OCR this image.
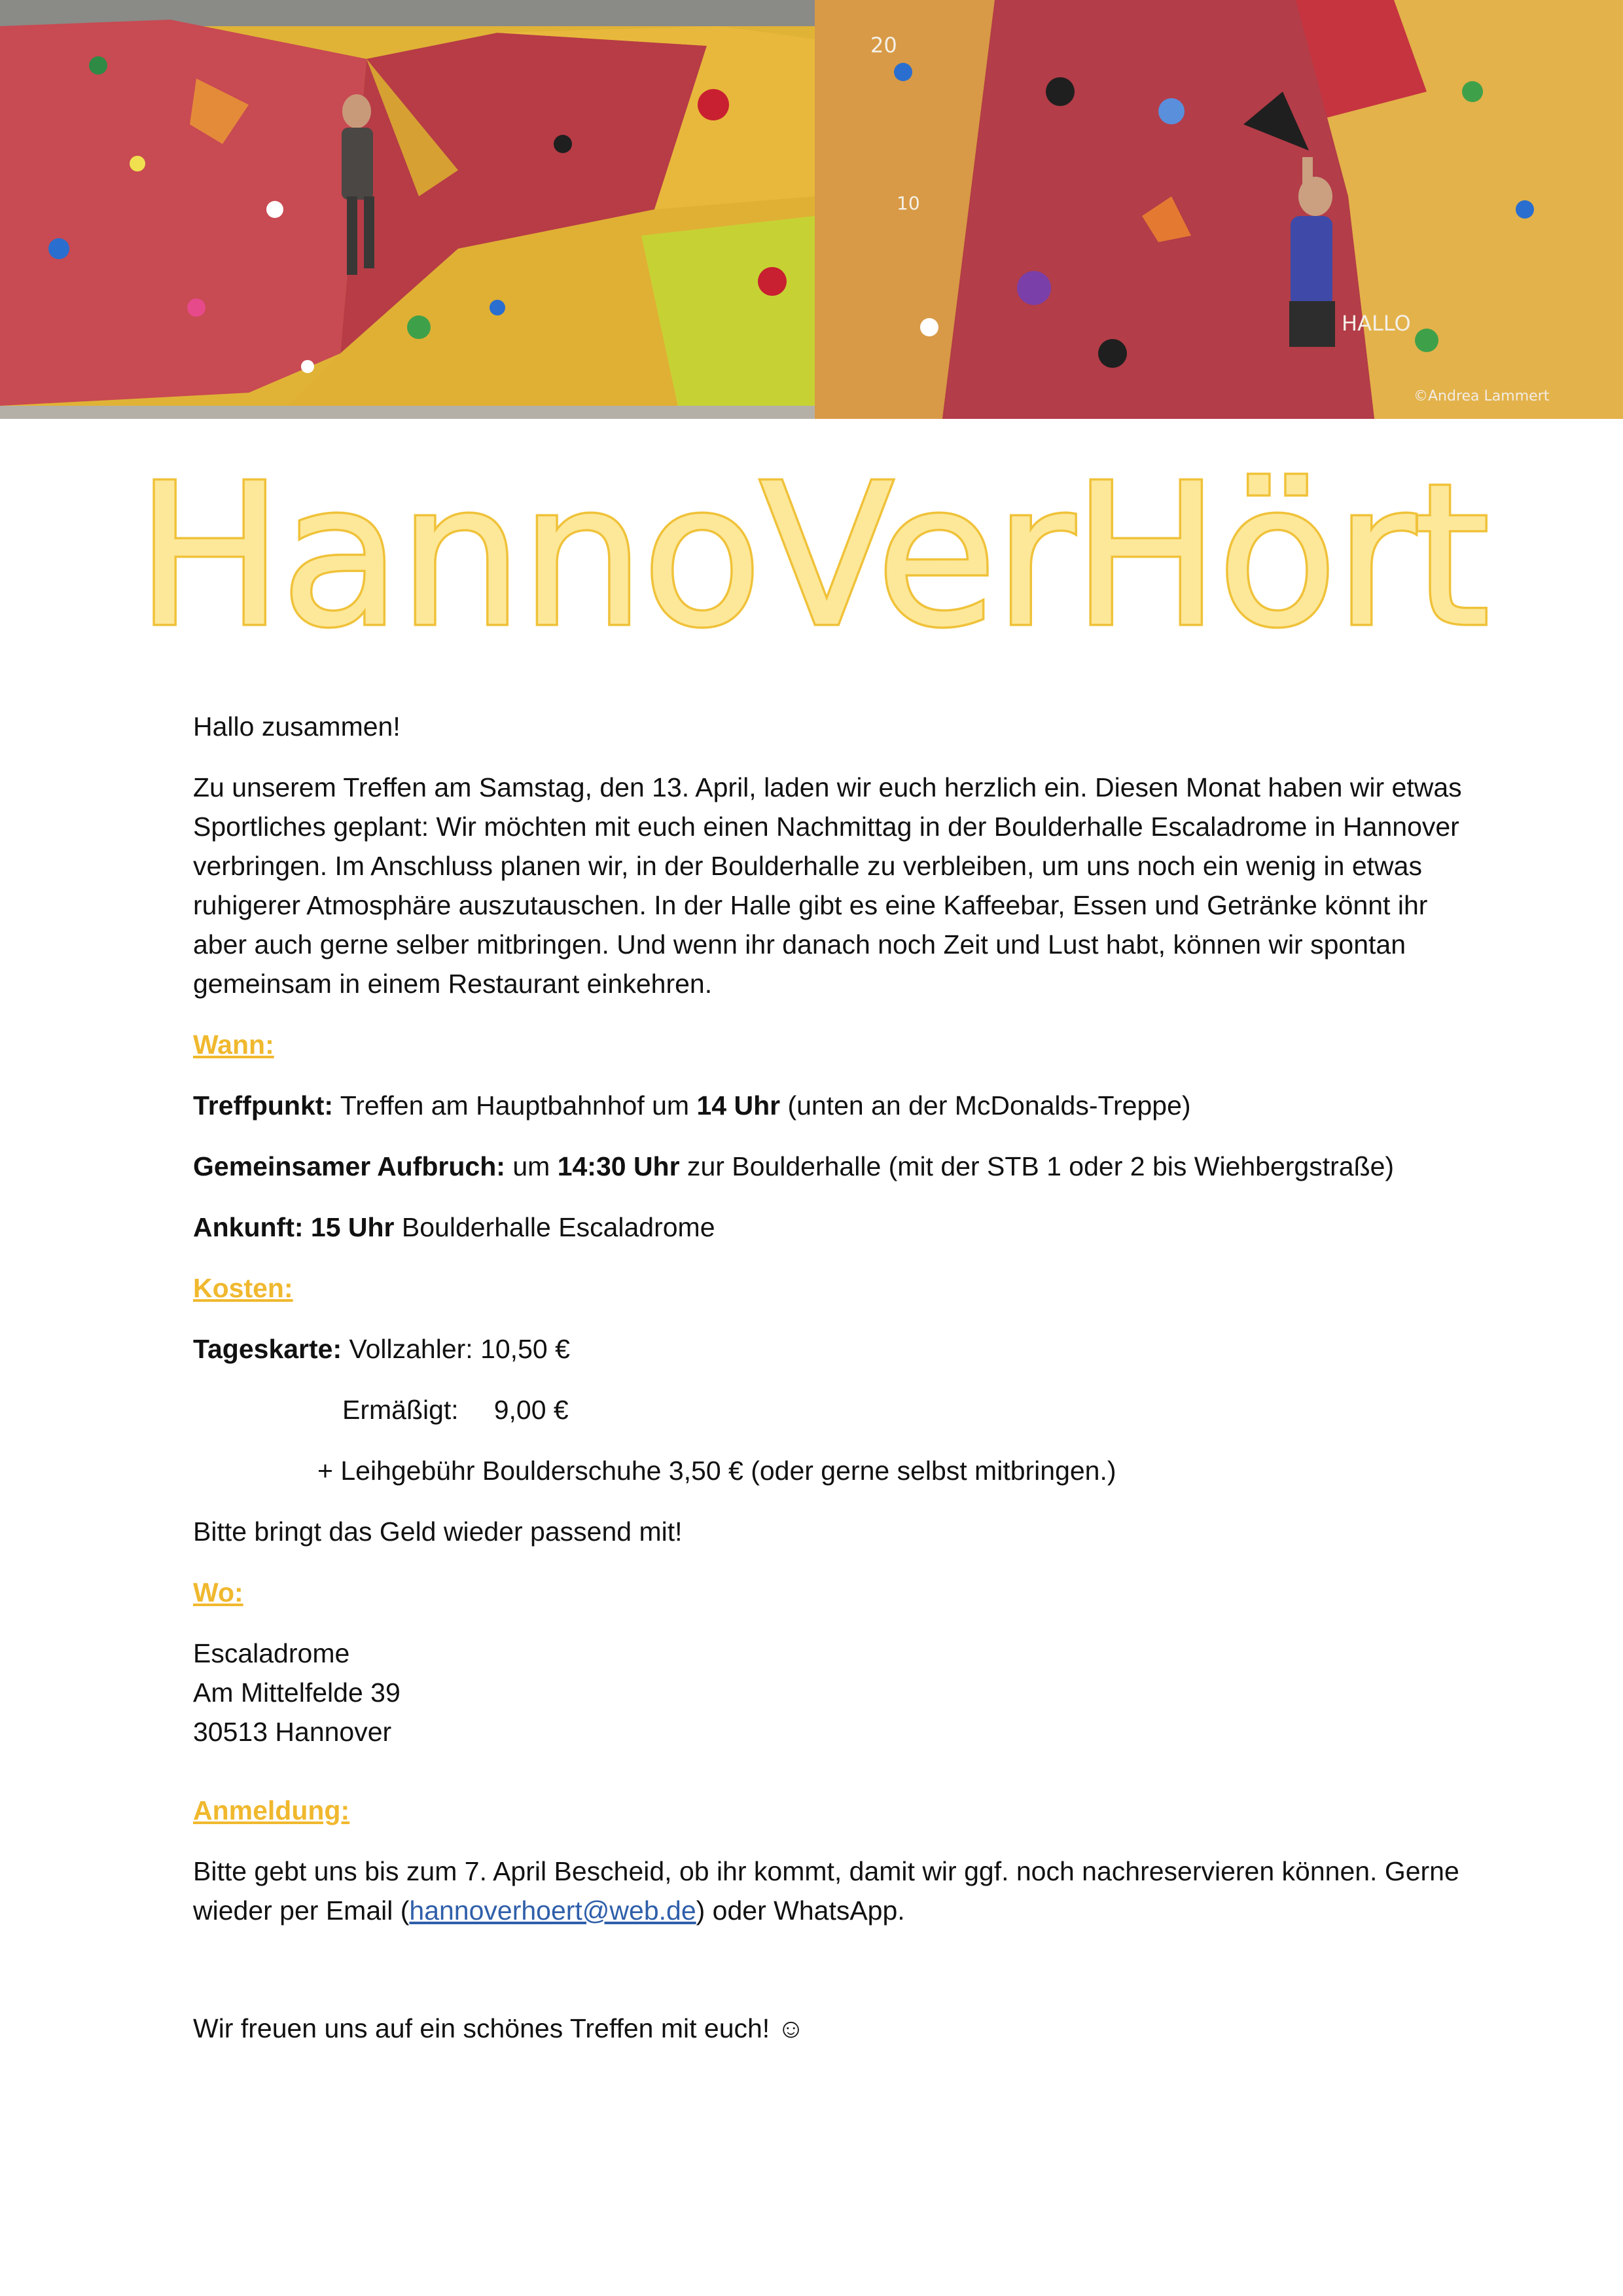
20
10
HALLO
©Andrea Lammert
HannoVerHört

Hallo zusammen!

Zu unserem Treffen am Samstag, den 13. April, laden wir euch herzlich ein. Diesen Monat haben wir etwas Sportliches geplant: Wir möchten mit euch einen Nachmittag in der Boulderhalle Escaladrome in Hannover verbringen. Im Anschluss planen wir, in der Boulderhalle zu verbleiben, um uns noch ein wenig in etwas ruhigerer Atmosphäre auszutauschen. In der Halle gibt es eine Kaffeebar, Essen und Getränke könnt ihr aber auch gerne selber mitbringen. Und wenn ihr danach noch Zeit und Lust habt, können wir spontan gemeinsam in einem Restaurant einkehren.

Wann:

Treffpunkt: Treffen am Hauptbahnhof um 14 Uhr (unten an der McDonalds-Treppe)

Gemeinsamer Aufbruch: um 14:30 Uhr zur Boulderhalle (mit der STB 1 oder 2 bis Wiehbergstraße)

Ankunft: 15 Uhr Boulderhalle Escaladrome

Kosten:

Tageskarte: Vollzahler: 10,50 €

Ermäßigt: 9,00 €

+ Leihgebühr Boulderschuhe 3,50 € (oder gerne selbst mitbringen.)

Bitte bringt das Geld wieder passend mit!

Wo:

Escaladrome

Am Mittelfelde 39

30513 Hannover

Anmeldung:

Bitte gebt uns bis zum 7. April Bescheid, ob ihr kommt, damit wir ggf. noch nachreservieren können. Gerne wieder per Email (hannoverhoert@web.de) oder WhatsApp.

Wir freuen uns auf ein schönes Treffen mit euch! ☺
